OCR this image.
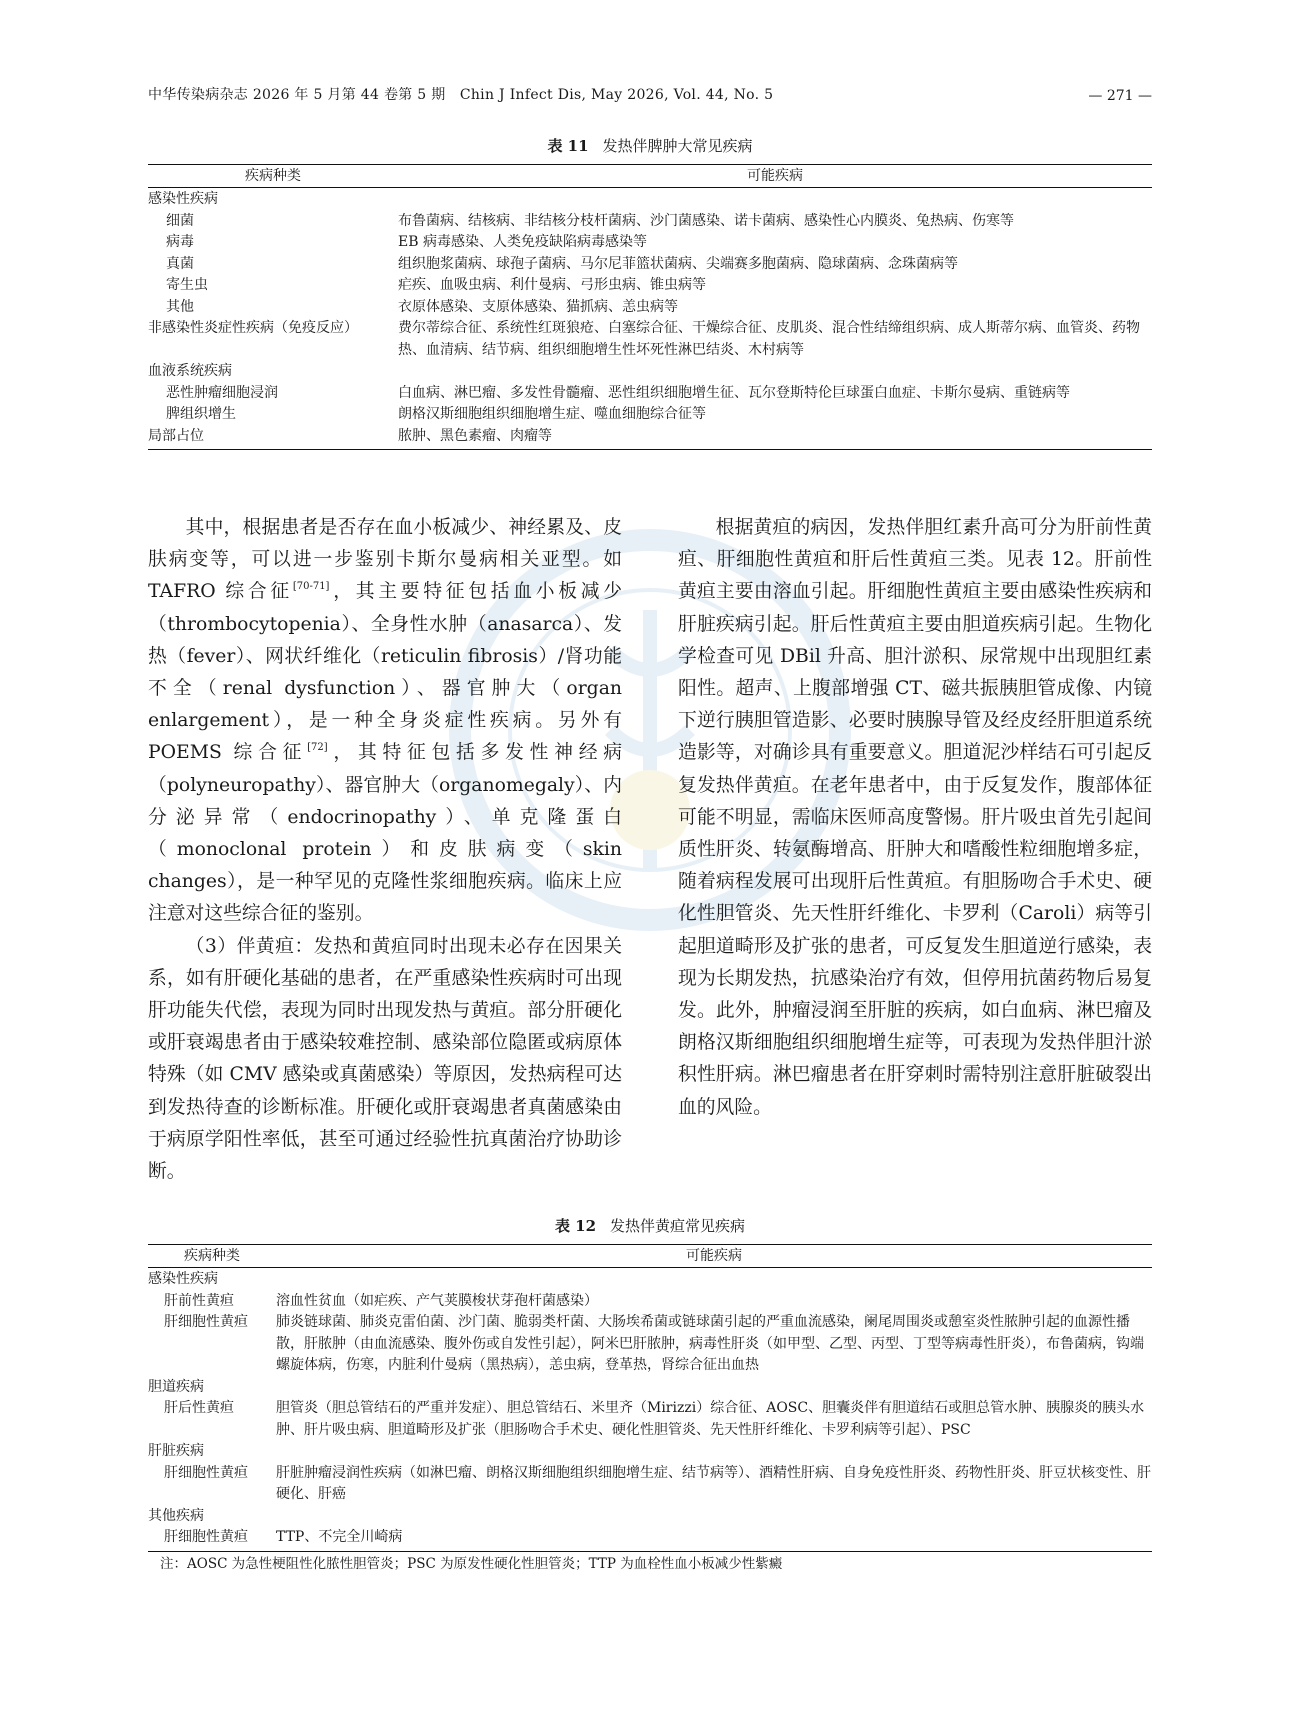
中华传染病杂志 2026 年 5 月第 44 卷第 5 期　Chin J Infect Dis, May 2026, Vol. 44, No. 5	— 271 —
表 11 发热伴脾肿大常见疾病
疾病种类	可能疾病
感染性疾病
细菌	布鲁菌病、结核病、非结核分枝杆菌病、沙门菌感染、诺卡菌病、感染性心内膜炎、兔热病、伤寒等
病毒	EB 病毒感染、人类免疫缺陷病毒感染等
真菌	组织胞浆菌病、球孢子菌病、马尔尼菲篮状菌病、尖端赛多胞菌病、隐球菌病、念珠菌病等
寄生虫	疟疾、血吸虫病、利什曼病、弓形虫病、锥虫病等
其他	衣原体感染、支原体感染、猫抓病、恙虫病等
非感染性炎症性疾病（免疫反应）	费尔蒂综合征、系统性红斑狼疮、白塞综合征、干燥综合征、皮肌炎、混合性结缔组织病、成人斯蒂尔病、血管炎、药物热、血清病、结节病、组织细胞增生性坏死性淋巴结炎、木村病等
血液系统疾病
恶性肿瘤细胞浸润	白血病、淋巴瘤、多发性骨髓瘤、恶性组织细胞增生征、瓦尔登斯特伦巨球蛋白血症、卡斯尔曼病、重链病等
脾组织增生	朗格汉斯细胞组织细胞增生症、噬血细胞综合征等
局部占位	脓肿、黑色素瘤、肉瘤等

其中，根据患者是否存在血小板减少、神经累及、皮肤病变等，可以进一步鉴别卡斯尔曼病相关亚型。如 TAFRO 综合征[70-71]，其主要特征包括血小板减少（thrombocytopenia）、全身性水肿（anasarca）、发热（fever）、网状纤维化（reticulin fibrosis）/肾功能不全（renal dysfunction）、器官肿大（organ enlargement），是一种全身炎症性疾病。另外有 POEMS 综合征[72]，其特征包括多发性神经病（polyneuropathy）、器官肿大（organomegaly）、内分泌异常（endocrinopathy）、单克隆蛋白（monoclonal protein）和皮肤病变（skin changes），是一种罕见的克隆性浆细胞疾病。临床上应注意对这些综合征的鉴别。

（3）伴黄疸：发热和黄疸同时出现未必存在因果关系，如有肝硬化基础的患者，在严重感染性疾病时可出现肝功能失代偿，表现为同时出现发热与黄疸。部分肝硬化或肝衰竭患者由于感染较难控制、感染部位隐匿或病原体特殊（如 CMV 感染或真菌感染）等原因，发热病程可达到发热待查的诊断标准。肝硬化或肝衰竭患者真菌感染由于病原学阳性率低，甚至可通过经验性抗真菌治疗协助诊断。

根据黄疸的病因，发热伴胆红素升高可分为肝前性黄疸、肝细胞性黄疸和肝后性黄疸三类。见表 12。肝前性黄疸主要由溶血引起。肝细胞性黄疸主要由感染性疾病和肝脏疾病引起。肝后性黄疸主要由胆道疾病引起。生物化学检查可见 DBil 升高、胆汁淤积、尿常规中出现胆红素阳性。超声、上腹部增强 CT、磁共振胰胆管成像、内镜下逆行胰胆管造影、必要时胰腺导管及经皮经肝胆道系统造影等，对确诊具有重要意义。胆道泥沙样结石可引起反复发热伴黄疸。在老年患者中，由于反复发作，腹部体征可能不明显，需临床医师高度警惕。肝片吸虫首先引起间质性肝炎、转氨酶增高、肝肿大和嗜酸性粒细胞增多症，随着病程发展可出现肝后性黄疸。有胆肠吻合手术史、硬化性胆管炎、先天性肝纤维化、卡罗利（Caroli）病等引起胆道畸形及扩张的患者，可反复发生胆道逆行感染，表现为长期发热，抗感染治疗有效，但停用抗菌药物后易复发。此外，肿瘤浸润至肝脏的疾病，如白血病、淋巴瘤及朗格汉斯细胞组织细胞增生症等，可表现为发热伴胆汁淤积性肝病。淋巴瘤患者在肝穿刺时需特别注意肝脏破裂出血的风险。

表 12 发热伴黄疸常见疾病
疾病种类	可能疾病
感染性疾病
肝前性黄疸	溶血性贫血（如疟疾、产气荚膜梭状芽孢杆菌感染）
肝细胞性黄疸	肺炎链球菌、肺炎克雷伯菌、沙门菌、脆弱类杆菌、大肠埃希菌或链球菌引起的严重血流感染，阑尾周围炎或憩室炎性脓肿引起的血源性播散，肝脓肿（由血流感染、腹外伤或自发性引起），阿米巴肝脓肿，病毒性肝炎（如甲型、乙型、丙型、丁型等病毒性肝炎），布鲁菌病，钩端螺旋体病，伤寒，内脏利什曼病（黑热病），恙虫病，登革热，肾综合征出血热
胆道疾病
肝后性黄疸	胆管炎（胆总管结石的严重并发症）、胆总管结石、米里齐（Mirizzi）综合征、AOSC、胆囊炎伴有胆道结石或胆总管水肿、胰腺炎的胰头水肿、肝片吸虫病、胆道畸形及扩张（胆肠吻合手术史、硬化性胆管炎、先天性肝纤维化、卡罗利病等引起）、PSC
肝脏疾病
肝细胞性黄疸	肝脏肿瘤浸润性疾病（如淋巴瘤、朗格汉斯细胞组织细胞增生症、结节病等）、酒精性肝病、自身免疫性肝炎、药物性肝炎、肝豆状核变性、肝硬化、肝癌
其他疾病
肝细胞性黄疸	TTP、不完全川崎病
注：AOSC 为急性梗阻性化脓性胆管炎；PSC 为原发性硬化性胆管炎；TTP 为血栓性血小板减少性紫癜
